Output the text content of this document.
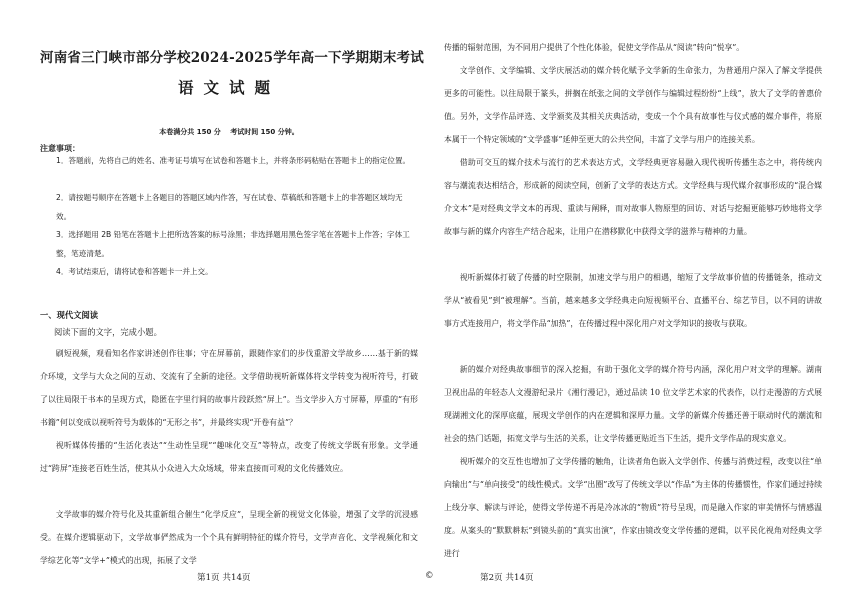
河南省三门峡市部分学校2024-2025学年高一下学期期末考试
语文试题
本卷满分共 150 分　 考试时间 150 分钟。
注意事项：
1．答题前，先将自己的姓名、准考证号填写在试卷和答题卡上，并将条形码粘贴在答题卡上的指定位置。
2．请按题号顺序在答题卡上各题目的答题区域内作答，写在试卷、草稿纸和答题卡上的非答题区域均无效。
3．选择题用 2B 铅笔在答题卡上把所选答案的标号涂黑；非选择题用黑色签字笔在答题卡上作答；字体工整，笔迹清楚。
4．考试结束后，请将试卷和答题卡一并上交。
一、现代文阅读
阅读下面的文字，完成小题。
刷短视频，观看知名作家讲述创作往事；守在屏幕前，跟随作家们的步伐重游文学故乡……基于新的媒介环境，文学与大众之间的互动、交流有了全新的途径。文学借助视听新媒体将文学转变为视听符号，打破了以往局限于书本的呈现方式，隐匿在字里行间的故事片段跃然“屏上”。当文学步入方寸屏幕，厚重的“有形书籍”何以变成以视听符号为载体的“无形之书”，并最终实现“开卷有益”？
视听媒体传播的“生活化表达”“生动性呈现”“趣味化交互”等特点，改变了传统文学既有形象。文学通过“跨屏”连接老百姓生活，使其从小众进入大众场域，带来直接而可观的文化传播效应。
文学故事的媒介符号化及其重新组合催生“化学反应”，呈现全新的视觉文化体验，增强了文学的沉浸感受。在媒介逻辑驱动下，文学故事俨然成为一个个具有鲜明特征的媒介符号，文学声音化、文学视频化和文学综艺化等“文学+”模式的出现，拓展了文学
传播的辐射范围，为不同用户提供了个性化体验，促使文学作品从“阅读”转向“悦享”。
文学创作、文学编辑、文学庆展活动的媒介转化赋予文学新的生命张力，为普通用户深入了解文学提供更多的可能性。以往局限于篆头，拼搁在纸张之间的文学创作与编辑过程纷纷“上线”，放大了文学的普惠价值。另外，文学作品评选、文学颁奖及其相关庆典活动，变成一个个具有故事性与仪式感的媒介事件，将原本属于一个特定领域的“文学盛事”延伸至更大的公共空间，丰富了文学与用户的连接关系。
借助可交互的媒介技术与流行的艺术表达方式，文学经典更容易融入现代视听传播生态之中，将传统内容与潮流表达相结合，形成新的阅读空间，创新了文学的表达方式。文学经典与现代媒介叙事形成的“混合媒介文本”是对经典文学文本的再现、重读与阐释，而对故事人物原型的回访、对话与挖掘更能够巧妙地将文学故事与新的媒介内容生产结合起来，让用户在潜移默化中获得文学的滋养与精神的力量。
视听新媒体打破了传播的时空限制，加速文学与用户的相遇，缩短了文学故事价值的传播链条，推动文学从“被看见”到“被理解”。当前，越来越多文学经典走向短视频平台、直播平台、综艺节目，以不同的讲故事方式连接用户，将文学作品“加热”，在传播过程中深化用户对文学知识的接收与获取。
新的媒介对经典故事细节的深入挖掘，有助于强化文学的媒介符号内涵，深化用户对文学的理解。湖南卫视出品的年轻态人文漫游纪录片《湘行漫记》，通过品读 10 位文学艺术家的代表作，以行走漫游的方式展现湖湘文化的深厚底蕴，展现文学创作的内在逻辑和深厚力量。文学的新媒介传播还善于联动时代的潮流和社会的热门话题，拓宽文学与生活的关系，让文学传播更贴近当下生活，提升文学作品的现实意义。
视听媒介的交互性也增加了文学传播的触角，让读者角色嵌入文学创作、传播与消费过程，改变以往“单向输出”与“单向接受”的线性模式。文学“出圈”改写了传统文学以“作品”为主体的传播惯性，作家们通过持续上线分享、解读与评论，使得文学传递不再是冷冰冰的“物质”符号呈现，而是融入作家的审美情怀与情感温度。从案头的“默默耕耘”到镜头前的“真实出演”，作家由镜改变文学传播的逻辑，以平民化视角对经典文学进行
第1页 共14页	©	第2页 共14页
